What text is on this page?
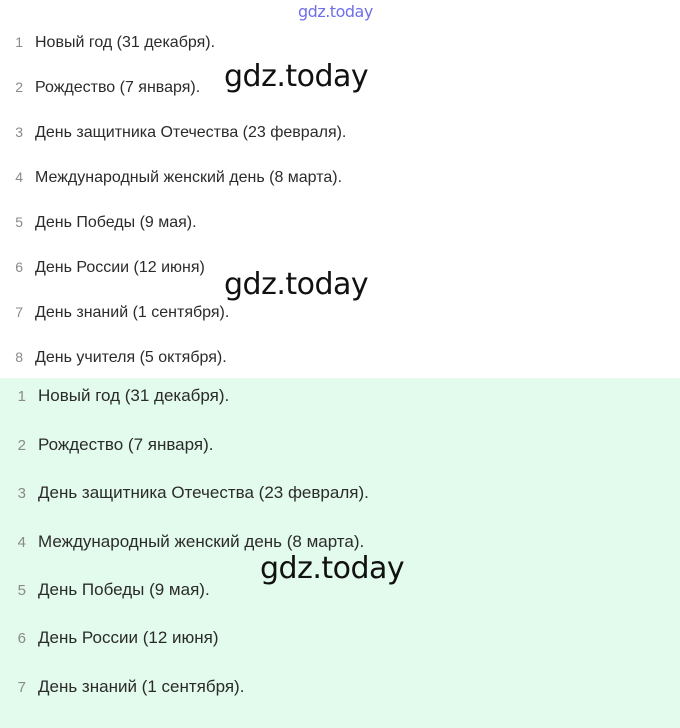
gdz.today
1 Новый год (31 декабря).
2 Рождество (7 января).
3 День защитника Отечества (23 февраля).
4 Международный женский день (8 марта).
5 День Победы (9 мая).
6 День России (12 июня)
7 День знаний (1 сентября).
8 День учителя (5 октября).
1 Новый год (31 декабря).
2 Рождество (7 января).
3 День защитника Отечества (23 февраля).
4 Международный женский день (8 марта).
5 День Победы (9 мая).
6 День России (12 июня)
7 День знаний (1 сентября).
gdz.today
gdz.today
gdz.today
